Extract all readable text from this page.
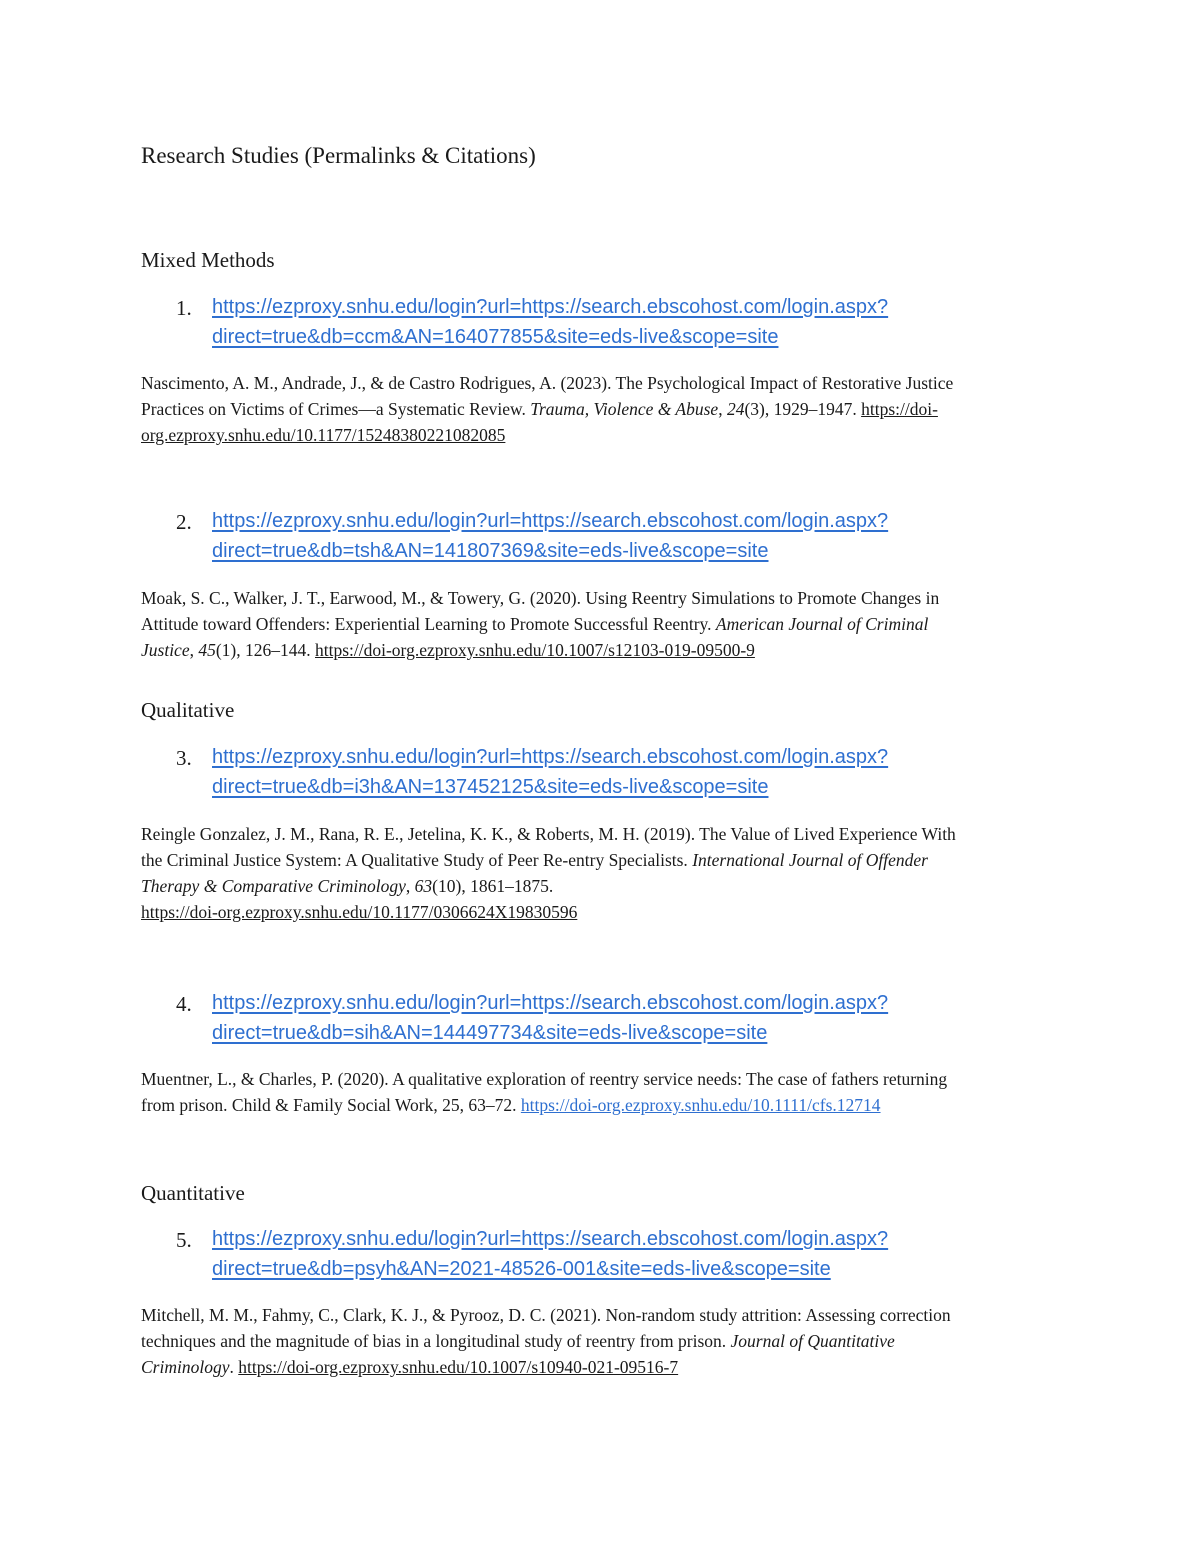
Research Studies (Permalinks & Citations)
Mixed Methods
1. https://ezproxy.snhu.edu/login?url=https://search.ebscohost.com/login.aspx?
direct=true&db=ccm&AN=164077855&site=eds-live&scope=site
Nascimento, A. M., Andrade, J., & de Castro Rodrigues, A. (2023). The Psychological Impact of Restorative Justice
Practices on Victims of Crimes—a Systematic Review. Trauma, Violence & Abuse, 24(3), 1929–1947. https://doi-
org.ezproxy.snhu.edu/10.1177/15248380221082085
2. https://ezproxy.snhu.edu/login?url=https://search.ebscohost.com/login.aspx?
direct=true&db=tsh&AN=141807369&site=eds-live&scope=site
Moak, S. C., Walker, J. T., Earwood, M., & Towery, G. (2020). Using Reentry Simulations to Promote Changes in
Attitude toward Offenders: Experiential Learning to Promote Successful Reentry. American Journal of Criminal
Justice, 45(1), 126–144. https://doi-org.ezproxy.snhu.edu/10.1007/s12103-019-09500-9
Qualitative
3. https://ezproxy.snhu.edu/login?url=https://search.ebscohost.com/login.aspx?
direct=true&db=i3h&AN=137452125&site=eds-live&scope=site
Reingle Gonzalez, J. M., Rana, R. E., Jetelina, K. K., & Roberts, M. H. (2019). The Value of Lived Experience With
the Criminal Justice System: A Qualitative Study of Peer Re-entry Specialists. International Journal of Offender
Therapy & Comparative Criminology, 63(10), 1861–1875.
https://doi-org.ezproxy.snhu.edu/10.1177/0306624X19830596
4. https://ezproxy.snhu.edu/login?url=https://search.ebscohost.com/login.aspx?
direct=true&db=sih&AN=144497734&site=eds-live&scope=site
Muentner, L., & Charles, P. (2020). A qualitative exploration of reentry service needs: The case of fathers returning
from prison. Child & Family Social Work, 25, 63–72. https://doi-org.ezproxy.snhu.edu/10.1111/cfs.12714
Quantitative
5. https://ezproxy.snhu.edu/login?url=https://search.ebscohost.com/login.aspx?
direct=true&db=psyh&AN=2021-48526-001&site=eds-live&scope=site
Mitchell, M. M., Fahmy, C., Clark, K. J., & Pyrooz, D. C. (2021). Non-random study attrition: Assessing correction
techniques and the magnitude of bias in a longitudinal study of reentry from prison. Journal of Quantitative
Criminology. https://doi-org.ezproxy.snhu.edu/10.1007/s10940-021-09516-7
